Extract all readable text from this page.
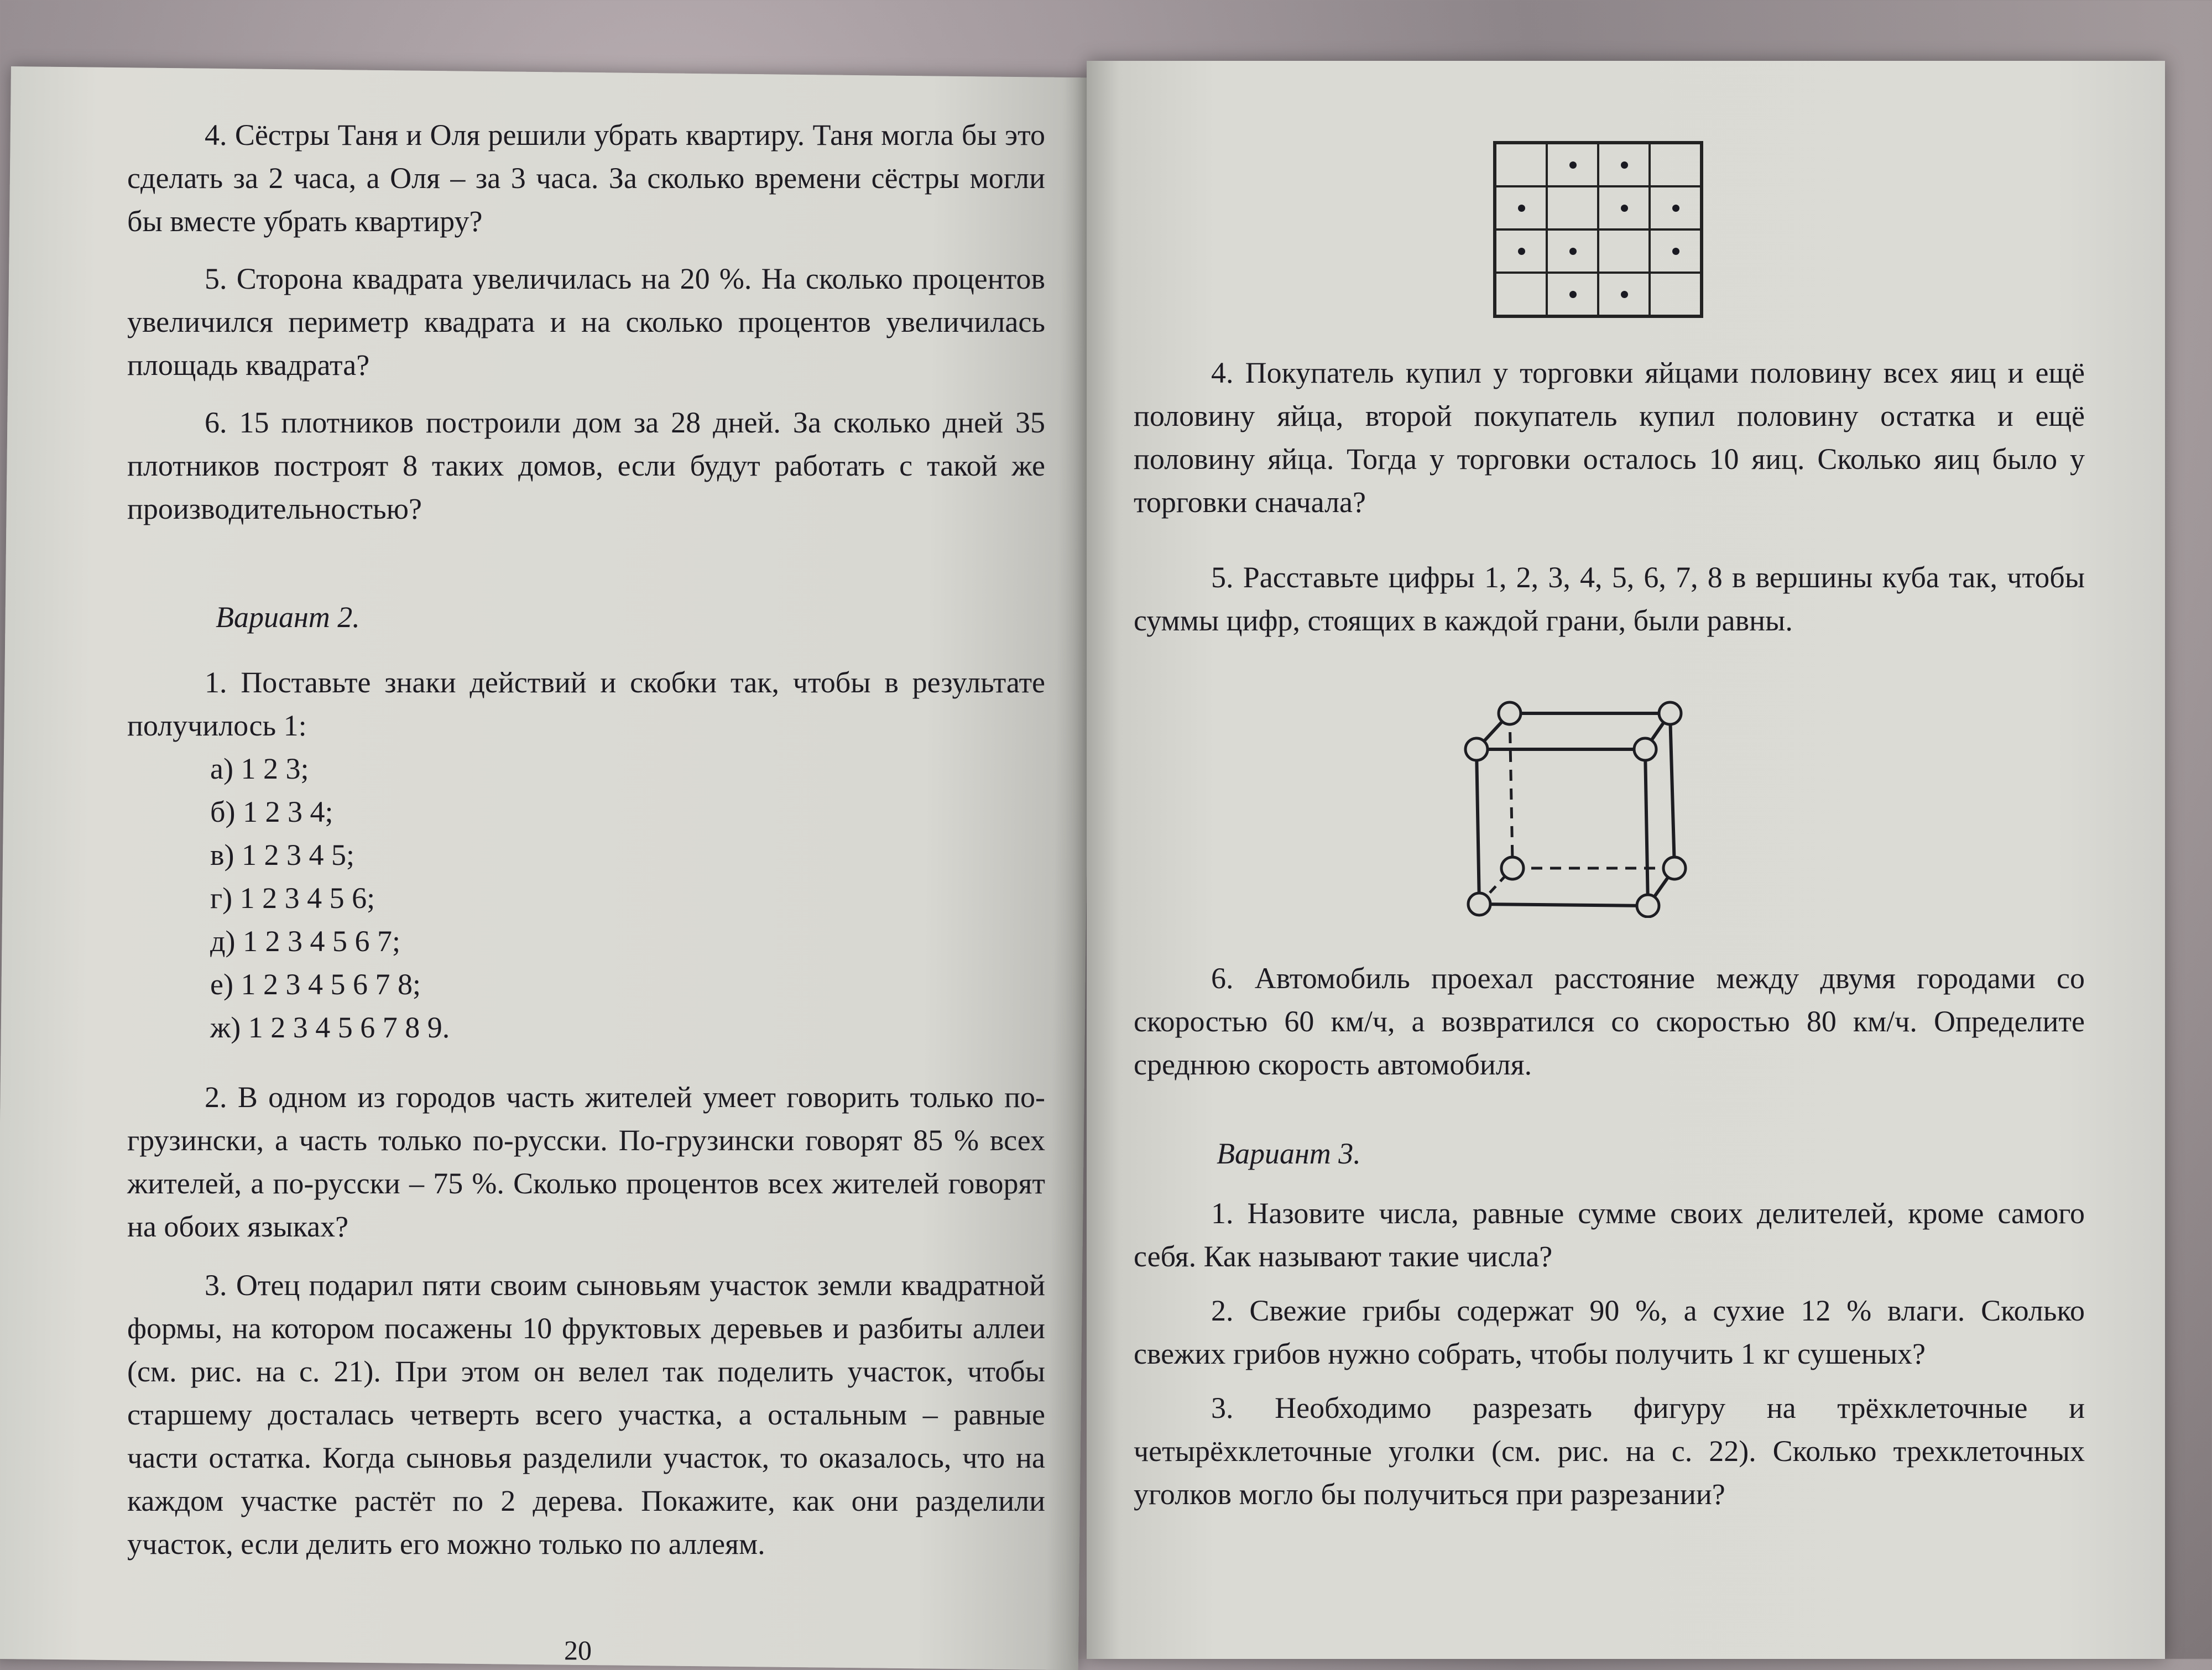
4. Сёстры Таня и Оля решили убрать квартиру. Таня могла бы это сделать за 2 часа, а Оля – за 3 часа. За сколько времени сёстры могли бы вместе убрать квартиру?

5. Сторона квадрата увеличилась на 20 %. На сколько процентов увеличился периметр квадрата и на сколько процентов увеличилась площадь квадрата?

6. 15 плотников построили дом за 28 дней. За сколько дней 35 плотников построят 8 таких домов, если будут работать с такой же производительностью?

Вариант 2.

1. Поставьте знаки действий и скобки так, чтобы в результате получилось 1:

а) 1 2 3;
б) 1 2 3 4;
в) 1 2 3 4 5;
г) 1 2 3 4 5 6;
д) 1 2 3 4 5 6 7;
е) 1 2 3 4 5 6 7 8;
ж) 1 2 3 4 5 6 7 8 9.

2. В одном из городов часть жителей умеет говорить только по-грузински, а часть только по-русски. По-грузински говорят 85 % всех жителей, а по-русски – 75 %. Сколько процентов всех жителей говорят на обоих языках?

3. Отец подарил пяти своим сыновьям участок земли квадратной формы, на котором посажены 10 фруктовых деревьев и разбиты аллеи (см. рис. на с. 21). При этом он велел так поделить участок, чтобы старшему досталась четверть всего участка, а остальным – равные части остатка. Когда сыновья разделили участок, то оказалось, что на каждом участке растёт по 2 дерева. Покажите, как они разделили участок, если делить его можно только по аллеям.

20

4. Покупатель купил у торговки яйцами половину всех яиц и ещё половину яйца, второй покупатель купил половину остатка и ещё половину яйца. Тогда у торговки осталось 10 яиц. Сколько яиц было у торговки сначала?

5. Расставьте цифры 1, 2, 3, 4, 5, 6, 7, 8 в вершины куба так, чтобы суммы цифр, стоящих в каждой грани, были равны.

6. Автомобиль проехал расстояние между двумя городами со скоростью 60 км/ч, а возвратился со скоростью 80 км/ч. Определите среднюю скорость автомобиля.

Вариант 3.

1. Назовите числа, равные сумме своих делителей, кроме самого себя. Как называют такие числа?

2. Свежие грибы содержат 90 %, а сухие 12 % влаги. Сколько свежих грибов нужно собрать, чтобы получить 1 кг сушеных?

3. Необходимо разрезать фигуру на трёхклеточные и четырёхклеточные уголки (см. рис. на с. 22). Сколько трехклеточных уголков могло бы получиться при разрезании?
